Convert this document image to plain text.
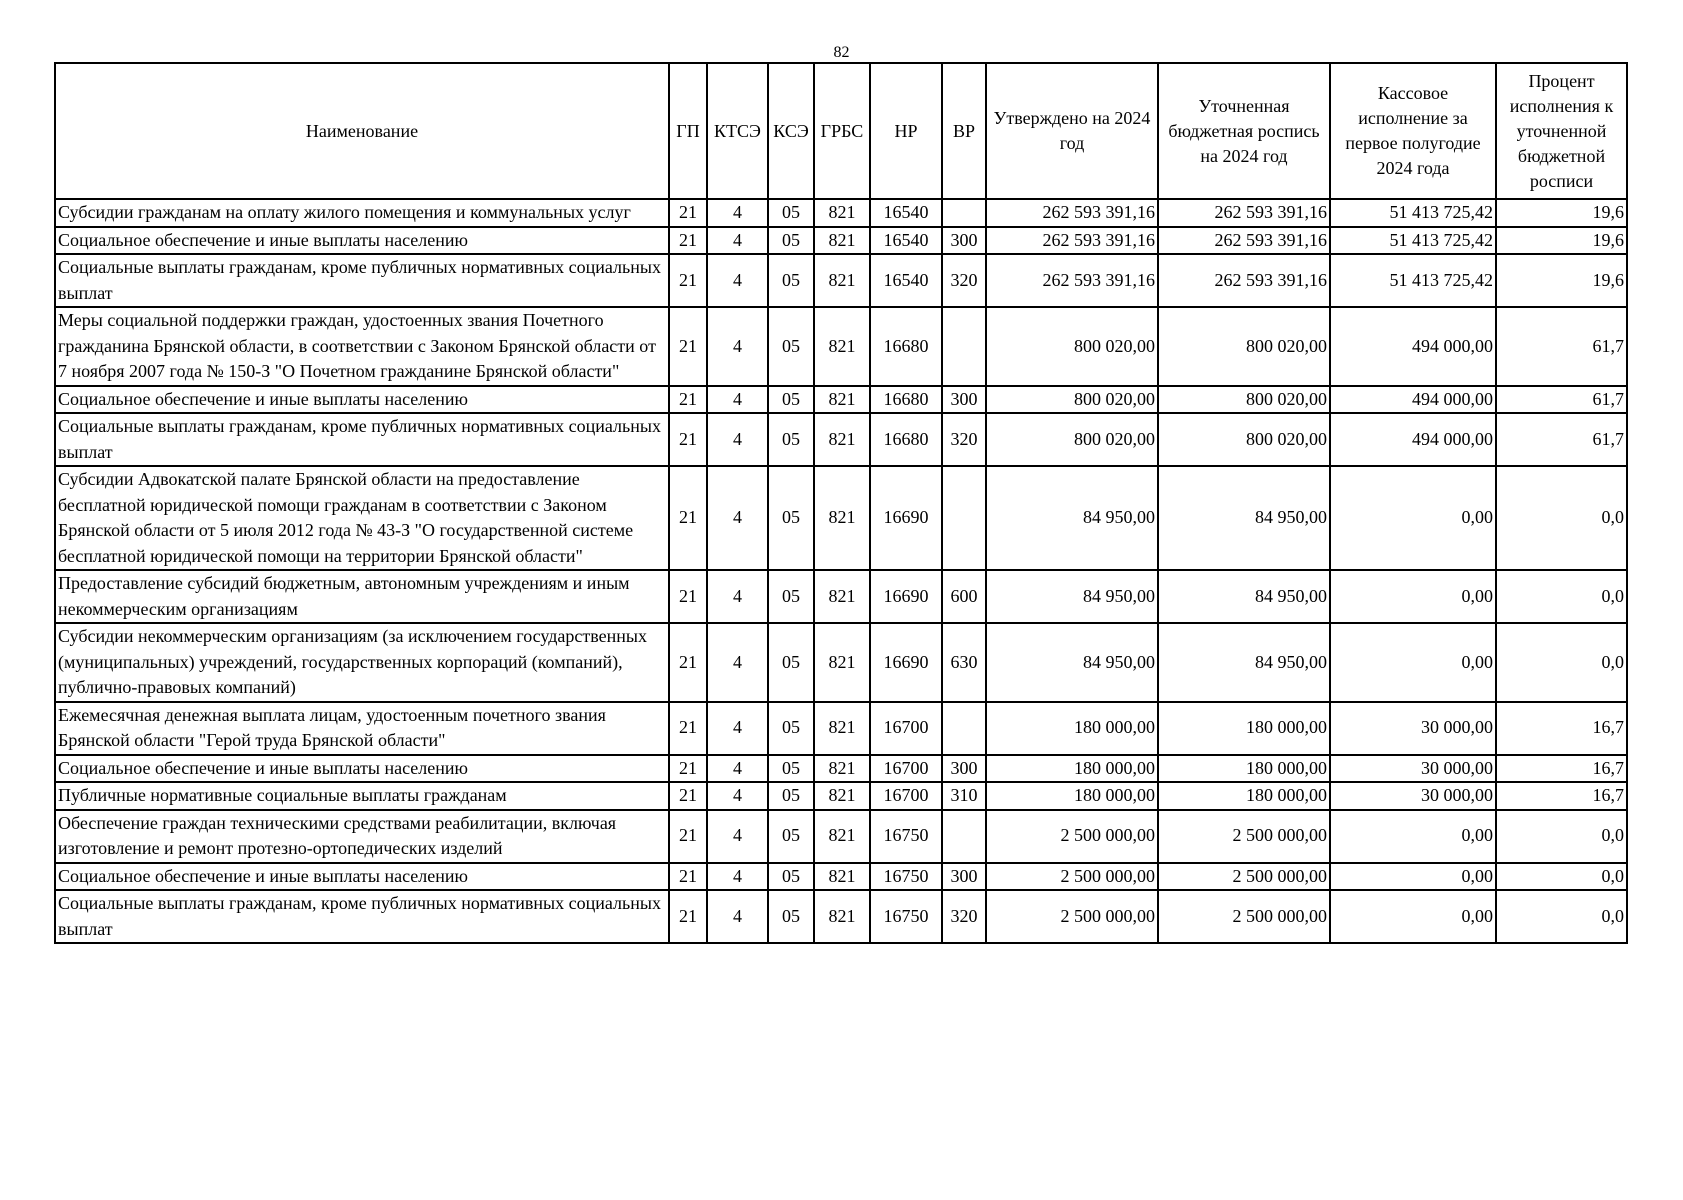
82
Наименование	ГП	КТСЭ	КСЭ	ГРБС	НР	ВР	Утверждено на 2024 год	Уточненная бюджетная роспись на 2024 год	Кассовое исполнение за первое полугодие 2024 года	Процент исполнения к уточненной бюджетной росписи
Субсидии гражданам на оплату жилого помещения и коммунальных услуг	21	4	05	821	16540		262 593 391,16	262 593 391,16	51 413 725,42	19,6
Социальное обеспечение и иные выплаты населению	21	4	05	821	16540	300	262 593 391,16	262 593 391,16	51 413 725,42	19,6
Социальные выплаты гражданам, кроме публичных нормативных социальных выплат	21	4	05	821	16540	320	262 593 391,16	262 593 391,16	51 413 725,42	19,6
Меры социальной поддержки граждан, удостоенных звания Почетного гражданина Брянской области, в соответствии с Законом Брянской области от 7 ноября 2007 года № 150-З "О Почетном гражданине Брянской области"	21	4	05	821	16680		800 020,00	800 020,00	494 000,00	61,7
Социальное обеспечение и иные выплаты населению	21	4	05	821	16680	300	800 020,00	800 020,00	494 000,00	61,7
Социальные выплаты гражданам, кроме публичных нормативных социальных выплат	21	4	05	821	16680	320	800 020,00	800 020,00	494 000,00	61,7
Субсидии Адвокатской палате Брянской области на предоставление бесплатной юридической помощи гражданам в соответствии с Законом Брянской области от 5 июля 2012 года № 43-З "О государственной системе бесплатной юридической помощи на территории Брянской области"	21	4	05	821	16690		84 950,00	84 950,00	0,00	0,0
Предоставление субсидий бюджетным, автономным учреждениям и иным некоммерческим организациям	21	4	05	821	16690	600	84 950,00	84 950,00	0,00	0,0
Субсидии некоммерческим организациям (за исключением государственных (муниципальных) учреждений, государственных корпораций (компаний), публично-правовых компаний)	21	4	05	821	16690	630	84 950,00	84 950,00	0,00	0,0
Ежемесячная денежная выплата лицам, удостоенным почетного звания Брянской области "Герой труда Брянской области"	21	4	05	821	16700		180 000,00	180 000,00	30 000,00	16,7
Социальное обеспечение и иные выплаты населению	21	4	05	821	16700	300	180 000,00	180 000,00	30 000,00	16,7
Публичные нормативные социальные выплаты гражданам	21	4	05	821	16700	310	180 000,00	180 000,00	30 000,00	16,7
Обеспечение граждан техническими средствами реабилитации, включая изготовление и ремонт протезно-ортопедических изделий	21	4	05	821	16750		2 500 000,00	2 500 000,00	0,00	0,0
Социальное обеспечение и иные выплаты населению	21	4	05	821	16750	300	2 500 000,00	2 500 000,00	0,00	0,0
Социальные выплаты гражданам, кроме публичных нормативных социальных выплат	21	4	05	821	16750	320	2 500 000,00	2 500 000,00	0,00	0,0
